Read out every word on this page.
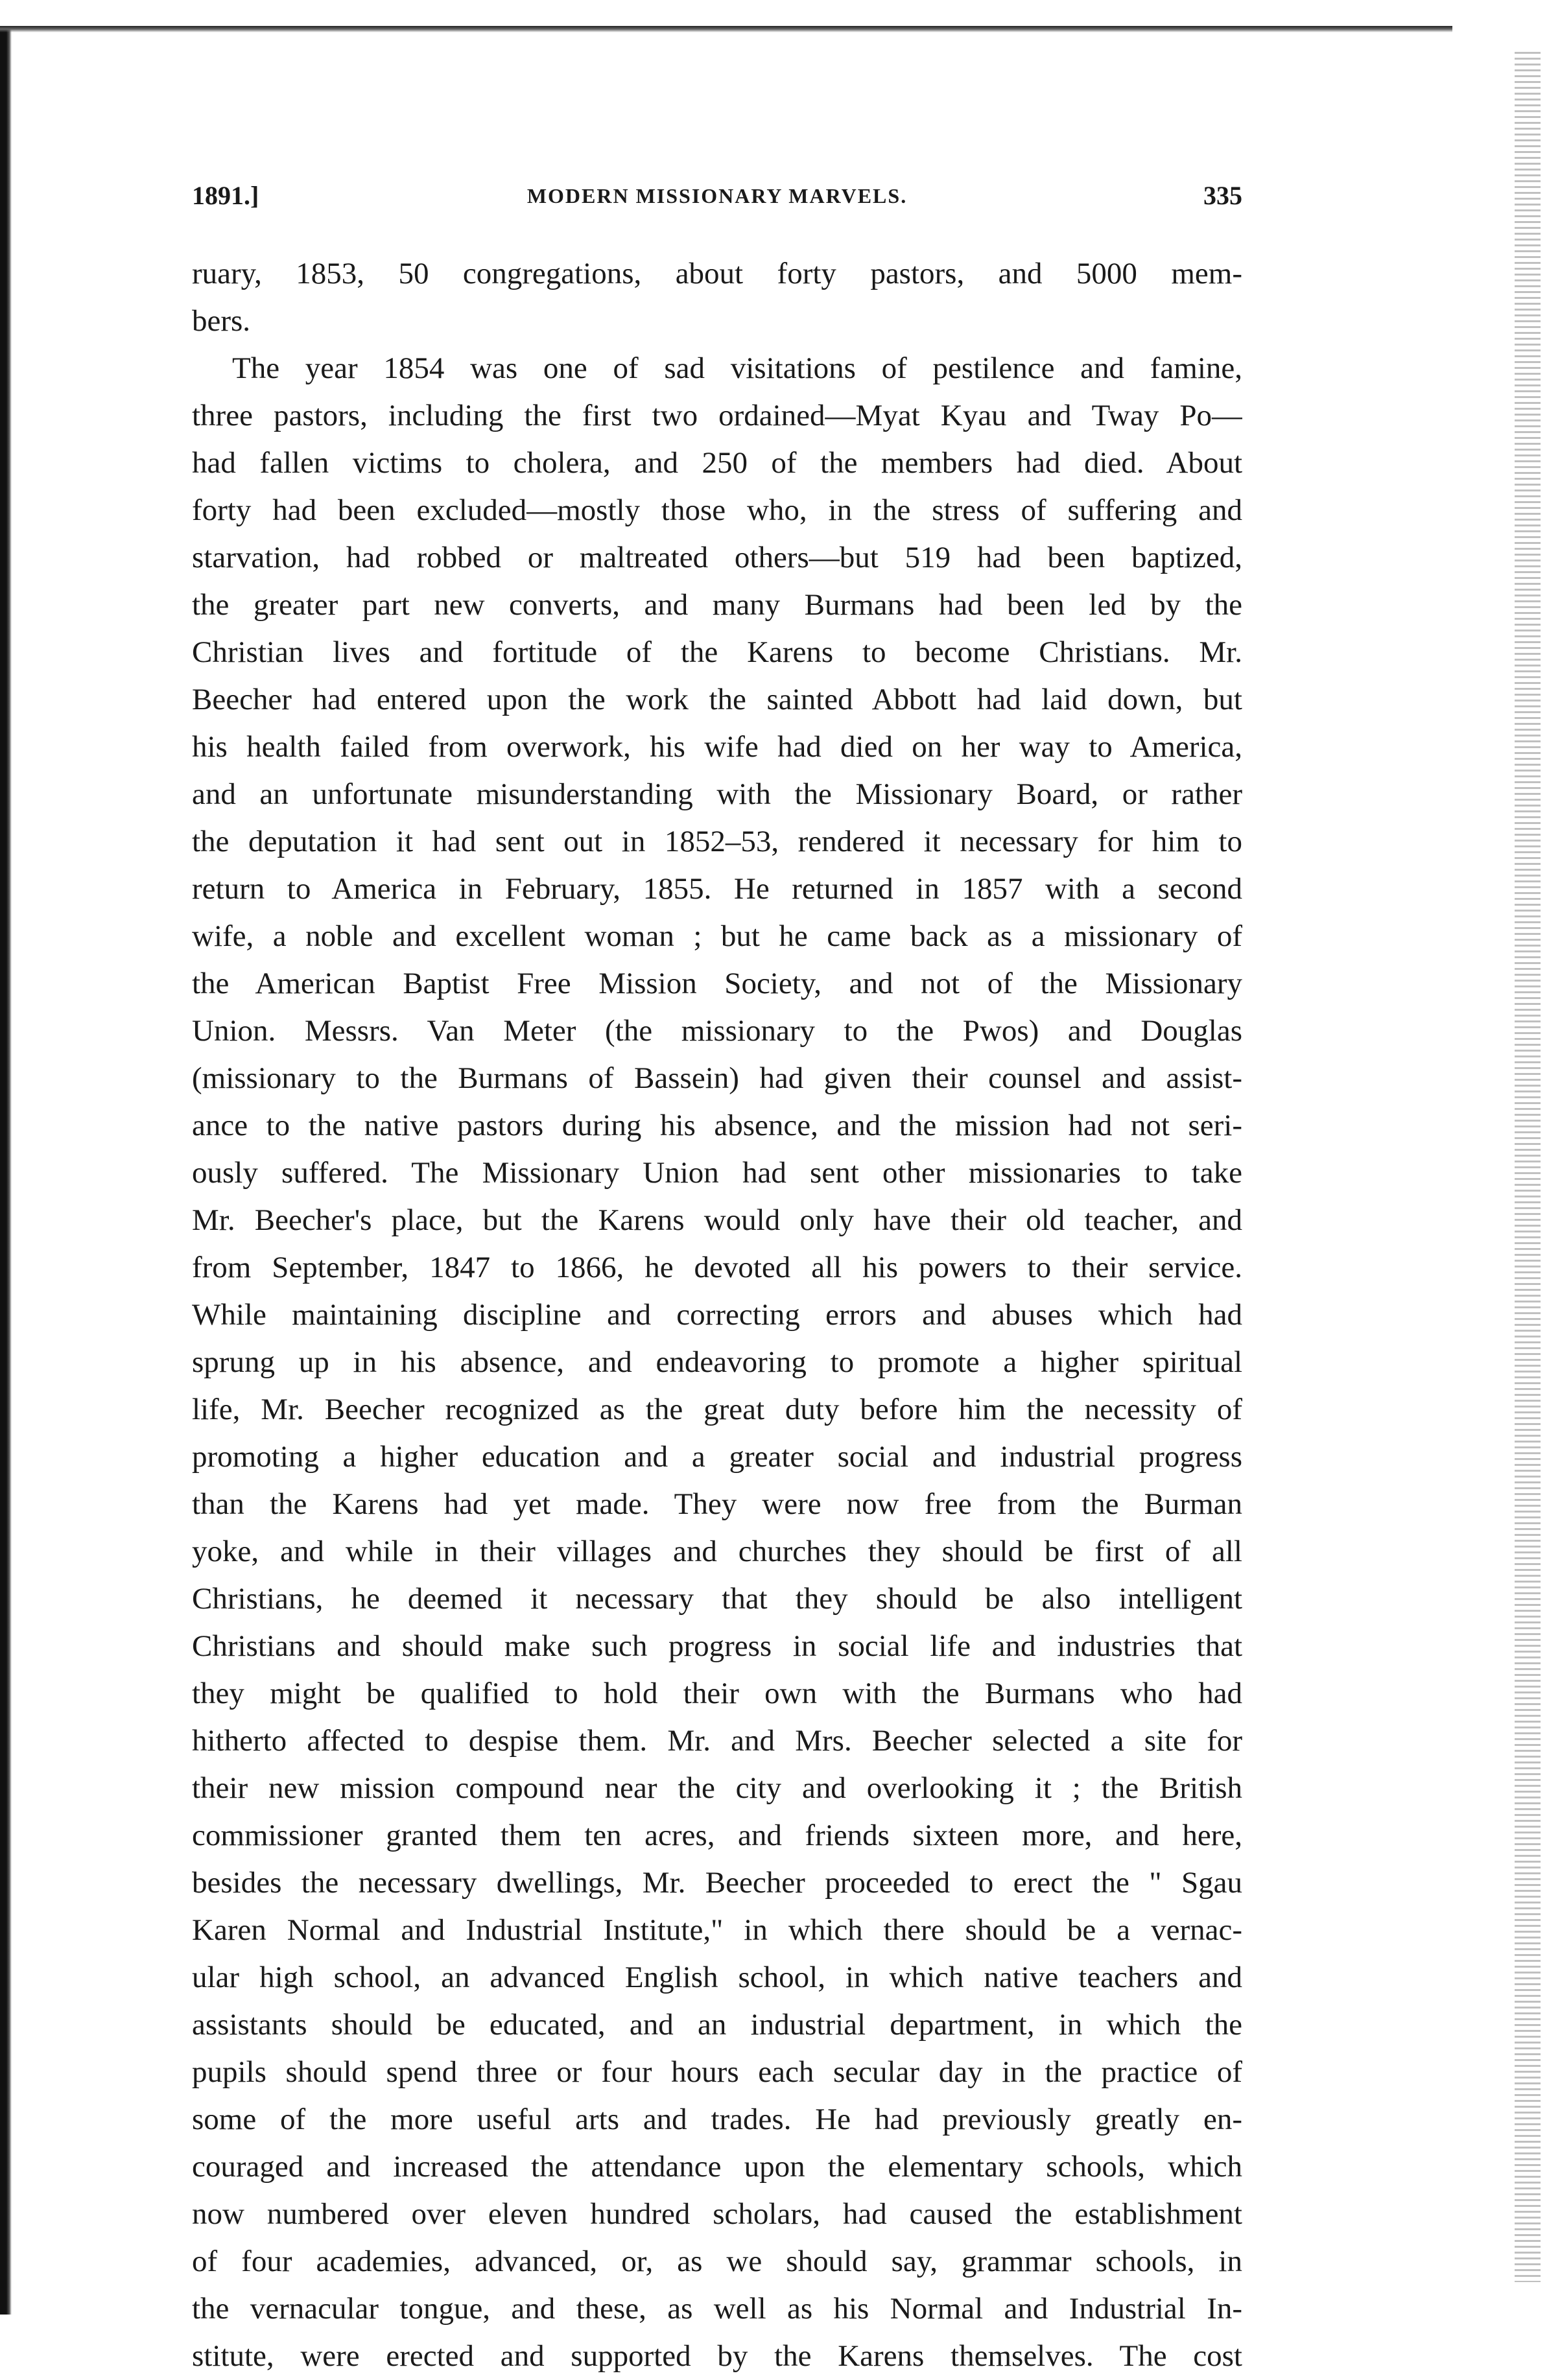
1891.]	MODERN MISSIONARY MARVELS.	335
ruary, 1853, 50 congregations, about forty pastors, and 5000 mem-
bers.
The year 1854 was one of sad visitations of pestilence and famine,
three pastors, including the first two ordained—Myat Kyau and Tway Po—
had fallen victims to cholera, and 250 of the members had died. About
forty had been excluded—mostly those who, in the stress of suffering and
starvation, had robbed or maltreated others—but 519 had been baptized,
the greater part new converts, and many Burmans had been led by the
Christian lives and fortitude of the Karens to become Christians. Mr.
Beecher had entered upon the work the sainted Abbott had laid down, but
his health failed from overwork, his wife had died on her way to America,
and an unfortunate misunderstanding with the Missionary Board, or rather
the deputation it had sent out in 1852–53, rendered it necessary for him to
return to America in February, 1855. He returned in 1857 with a second
wife, a noble and excellent woman ; but he came back as a missionary of
the American Baptist Free Mission Society, and not of the Missionary
Union. Messrs. Van Meter (the missionary to the Pwos) and Douglas
(missionary to the Burmans of Bassein) had given their counsel and assist-
ance to the native pastors during his absence, and the mission had not seri-
ously suffered. The Missionary Union had sent other missionaries to take
Mr. Beecher's place, but the Karens would only have their old teacher, and
from September, 1847 to 1866, he devoted all his powers to their service.
While maintaining discipline and correcting errors and abuses which had
sprung up in his absence, and endeavoring to promote a higher spiritual
life, Mr. Beecher recognized as the great duty before him the necessity of
promoting a higher education and a greater social and industrial progress
than the Karens had yet made. They were now free from the Burman
yoke, and while in their villages and churches they should be first of all
Christians, he deemed it necessary that they should be also intelligent
Christians and should make such progress in social life and industries that
they might be qualified to hold their own with the Burmans who had
hitherto affected to despise them. Mr. and Mrs. Beecher selected a site for
their new mission compound near the city and overlooking it ; the British
commissioner granted them ten acres, and friends sixteen more, and here,
besides the necessary dwellings, Mr. Beecher proceeded to erect the " Sgau
Karen Normal and Industrial Institute," in which there should be a vernac-
ular high school, an advanced English school, in which native teachers and
assistants should be educated, and an industrial department, in which the
pupils should spend three or four hours each secular day in the practice of
some of the more useful arts and trades. He had previously greatly en-
couraged and increased the attendance upon the elementary schools, which
now numbered over eleven hundred scholars, had caused the establishment
of four academies, advanced, or, as we should say, grammar schools, in
the vernacular tongue, and these, as well as his Normal and Industrial In-
stitute, were erected and supported by the Karens themselves. The cost
